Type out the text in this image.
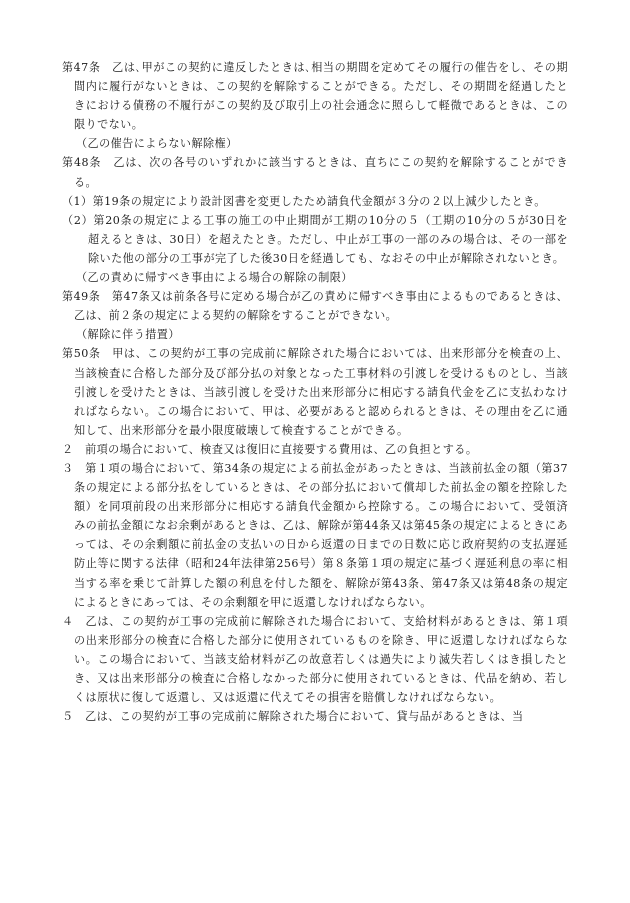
第47条　乙は､甲がこの契約に違反したときは､相当の期間を定めてその履行の催告をし、その期間内に履行がないときは、この契約を解除することができる。ただし、その期間を経過したときにおける債務の不履行がこの契約及び取引上の社会通念に照らして軽微であるときは、この限りでない。

（乙の催告によらない解除権）

第48条　乙は、次の各号のいずれかに該当するときは、直ちにこの契約を解除することができる。

（1）第19条の規定により設計図書を変更したため請負代金額が３分の２以上減少したとき。

（2）第20条の規定による工事の施工の中止期間が工期の10分の５（工期の10分の５が30日を超えるときは、30日）を超えたとき。ただし、中止が工事の一部のみの場合は、その一部を除いた他の部分の工事が完了した後30日を経過しても、なおその中止が解除されないとき。

（乙の責めに帰すべき事由による場合の解除の制限）

第49条　第47条又は前条各号に定める場合が乙の責めに帰すべき事由によるものであるときは、乙は、前２条の規定による契約の解除をすることができない。

（解除に伴う措置）

第50条　甲は、この契約が工事の完成前に解除された場合においては、出来形部分を検査の上、当該検査に合格した部分及び部分払の対象となった工事材料の引渡しを受けるものとし、当該引渡しを受けたときは、当該引渡しを受けた出来形部分に相応する請負代金を乙に支払わなければならない。この場合において、甲は、必要があると認められるときは、その理由を乙に通知して、出来形部分を最小限度破壊して検査することができる。

２　前項の場合において、検査又は復旧に直接要する費用は、乙の負担とする。

３　第１項の場合において、第34条の規定による前払金があったときは、当該前払金の額（第37条の規定による部分払をしているときは、その部分払において償却した前払金の額を控除した額）を同項前段の出来形部分に相応する請負代金額から控除する。この場合において、受領済みの前払金額になお余剰があるときは、乙は、解除が第44条又は第45条の規定によるときにあっては、その余剰額に前払金の支払いの日から返還の日までの日数に応じ政府契約の支払遅延防止等に関する法律（昭和24年法律第256号）第８条第１項の規定に基づく遅延利息の率に相当する率を乗じて計算した額の利息を付した額を、解除が第43条、第47条又は第48条の規定によるときにあっては、その余剰額を甲に返還しなければならない。

４　乙は、この契約が工事の完成前に解除された場合において、支給材料があるときは、第１項の出来形部分の検査に合格した部分に使用されているものを除き、甲に返還しなければならない。この場合において、当該支給材料が乙の故意若しくは過失により滅失若しくはき損したとき、又は出来形部分の検査に合格しなかった部分に使用されているときは、代品を納め、若しくは原状に復して返還し、又は返還に代えてその損害を賠償しなければならない。

５　乙は、この契約が工事の完成前に解除された場合において、貸与品があるときは、当
